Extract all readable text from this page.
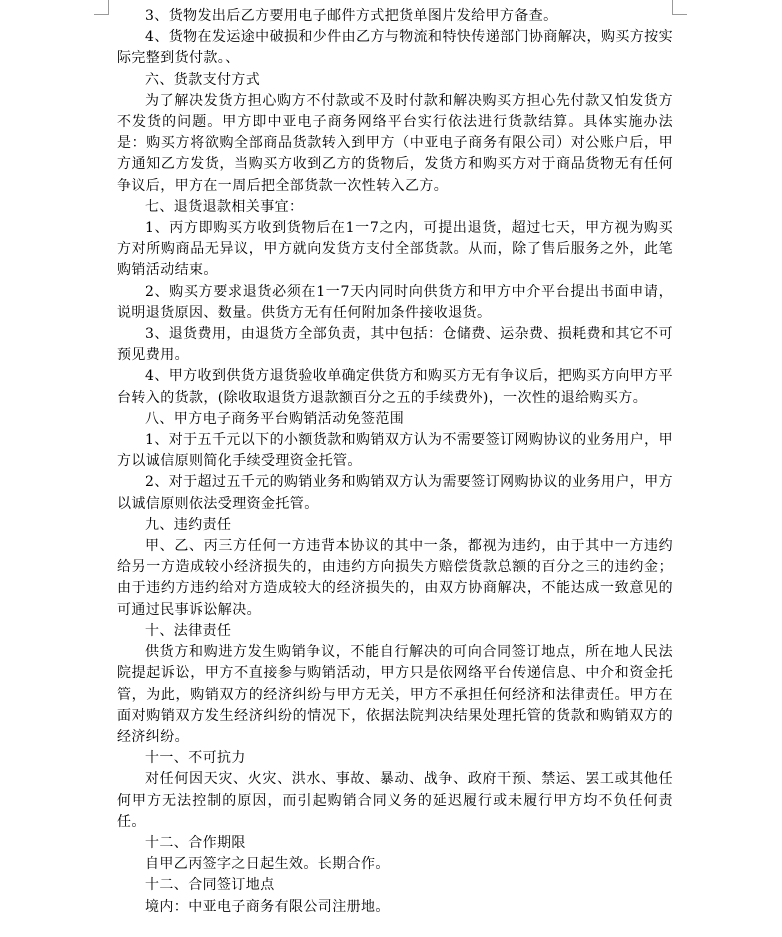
3、货物发出后乙方要用电子邮件方式把货单图片发给甲方备查。

4、货物在发运途中破损和少件由乙方与物流和特快传递部门协商解决，购买方按实际完整到货付款。、

六、货款支付方式

为了解决发货方担心购方不付款或不及时付款和解决购买方担心先付款又怕发货方不发货的问题。甲方即中亚电子商务网络平台实行依法进行货款结算。具体实施办法是：购买方将欲购全部商品货款转入到甲方（中亚电子商务有限公司）对公账户后，甲方通知乙方发货，当购买方收到乙方的货物后，发货方和购买方对于商品货物无有任何争议后，甲方在一周后把全部货款一次性转入乙方。

七、退货退款相关事宜：

1、丙方即购买方收到货物后在1一7之内，可提出退货，超过七天，甲方视为购买方对所购商品无异议，甲方就向发货方支付全部货款。从而，除了售后服务之外，此笔购销活动结束。

2、购买方要求退货必须在1一7天内同时向供货方和甲方中介平台提出书面申请，说明退货原因、数量。供货方无有任何附加条件接收退货。

3、退货费用，由退货方全部负责，其中包括：仓储费、运杂费、损耗费和其它不可预见费用。

4、甲方收到供货方退货验收单确定供货方和购买方无有争议后，把购买方向甲方平台转入的货款，(除收取退货方退款额百分之五的手续费外)，一次性的退给购买方。

八、甲方电子商务平台购销活动免签范围

1、对于五千元以下的小额货款和购销双方认为不需要签订网购协议的业务用户，甲方以诚信原则简化手续受理资金托管。

2、对于超过五千元的购销业务和购销双方认为需要签订网购协议的业务用户，甲方以诚信原则依法受理资金托管。

九、违约责任

甲、乙、丙三方任何一方违背本协议的其中一条，都视为违约，由于其中一方违约给另一方造成较小经济损失的，由违约方向损失方赔偿货款总额的百分之三的违约金；由于违约方违约给对方造成较大的经济损失的，由双方协商解决，不能达成一致意见的可通过民事诉讼解决。

十、法律责任

供货方和购进方发生购销争议，不能自行解决的可向合同签订地点，所在地人民法院提起诉讼，甲方不直接参与购销活动，甲方只是依网络平台传递信息、中介和资金托管，为此，购销双方的经济纠纷与甲方无关，甲方不承担任何经济和法律责任。甲方在面对购销双方发生经济纠纷的情况下，依据法院判决结果处理托管的货款和购销双方的经济纠纷。

十一、不可抗力

对任何因天灾、火灾、洪水、事故、暴动、战争、政府干预、禁运、罢工或其他任何甲方无法控制的原因，而引起购销合同义务的延迟履行或未履行甲方均不负任何责任。

十二、合作期限

自甲乙丙签字之日起生效。长期合作。

十二、合同签订地点

境内：中亚电子商务有限公司注册地。
